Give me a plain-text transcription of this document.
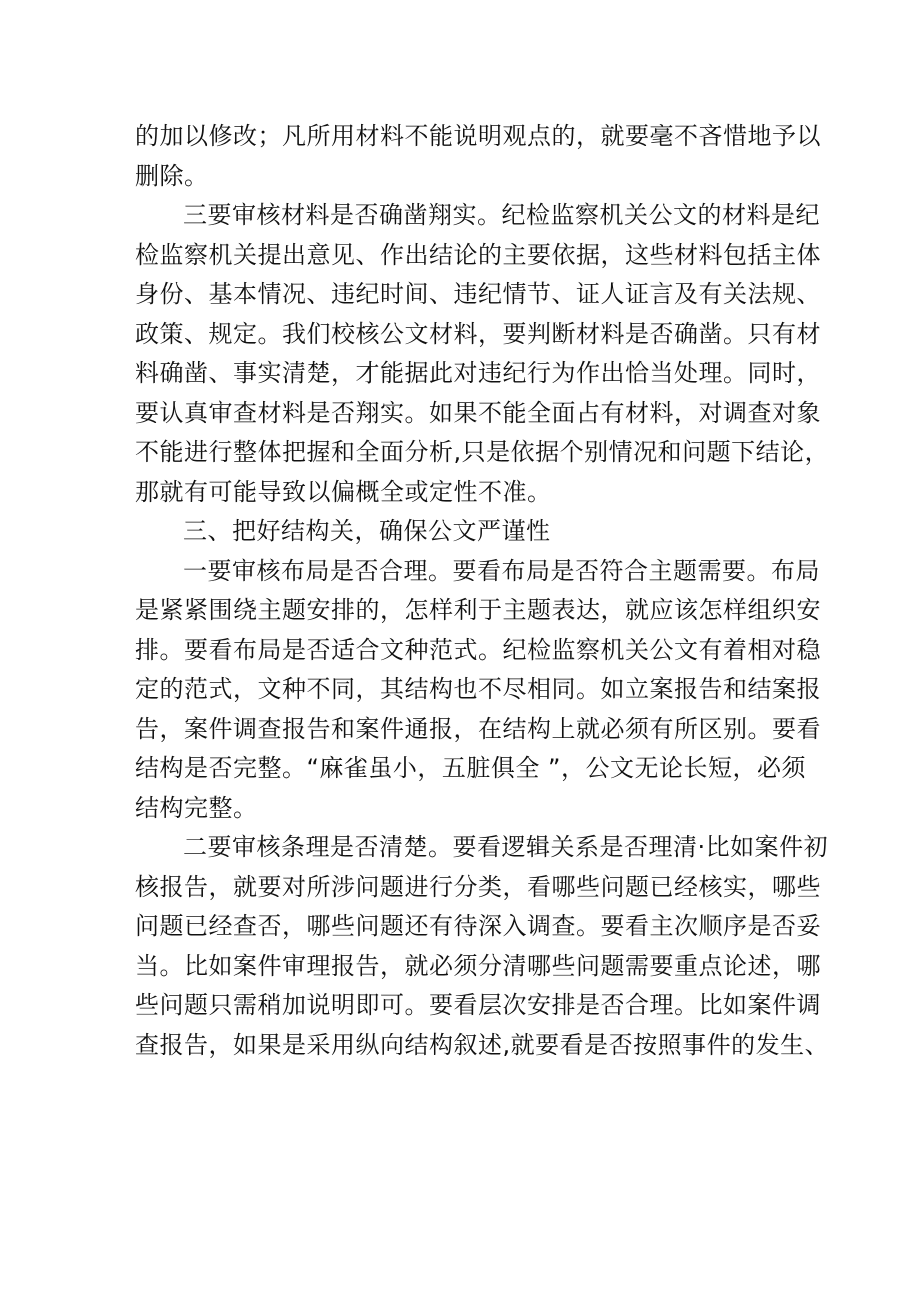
的加以修改；凡所用材料不能说明观点的，就要毫不吝惜地予以
删除。
三要审核材料是否确凿翔实。纪检监察机关公文的材料是纪
检监察机关提出意见、作出结论的主要依据，这些材料包括主体
身份、基本情况、违纪时间、违纪情节、证人证言及有关法规、
政策、规定。我们校核公文材料，要判断材料是否确凿。只有材
料确凿、事实清楚，才能据此对违纪行为作出恰当处理。同时，
要认真审查材料是否翔实。如果不能全面占有材料，对调查对象
不能进行整体把握和全面分析,只是依据个别情况和问题下结论，
那就有可能导致以偏概全或定性不准。
三、把好结构关，确保公文严谨性
一要审核布局是否合理。要看布局是否符合主题需要。布局
是紧紧围绕主题安排的，怎样利于主题表达，就应该怎样组织安
排。要看布局是否适合文种范式。纪检监察机关公文有着相对稳
定的范式，文种不同，其结构也不尽相同。如立案报告和结案报
告，案件调查报告和案件通报，在结构上就必须有所区别。要看
结构是否完整。“麻雀虽小，五脏俱全 ”，公文无论长短，必须
结构完整。
二要审核条理是否清楚。要看逻辑关系是否理清·比如案件初
核报告，就要对所涉问题进行分类，看哪些问题已经核实，哪些
问题已经查否，哪些问题还有待深入调查。要看主次顺序是否妥
当。比如案件审理报告，就必须分清哪些问题需要重点论述，哪
些问题只需稍加说明即可。要看层次安排是否合理。比如案件调
查报告，如果是采用纵向结构叙述,就要看是否按照事件的发生、
